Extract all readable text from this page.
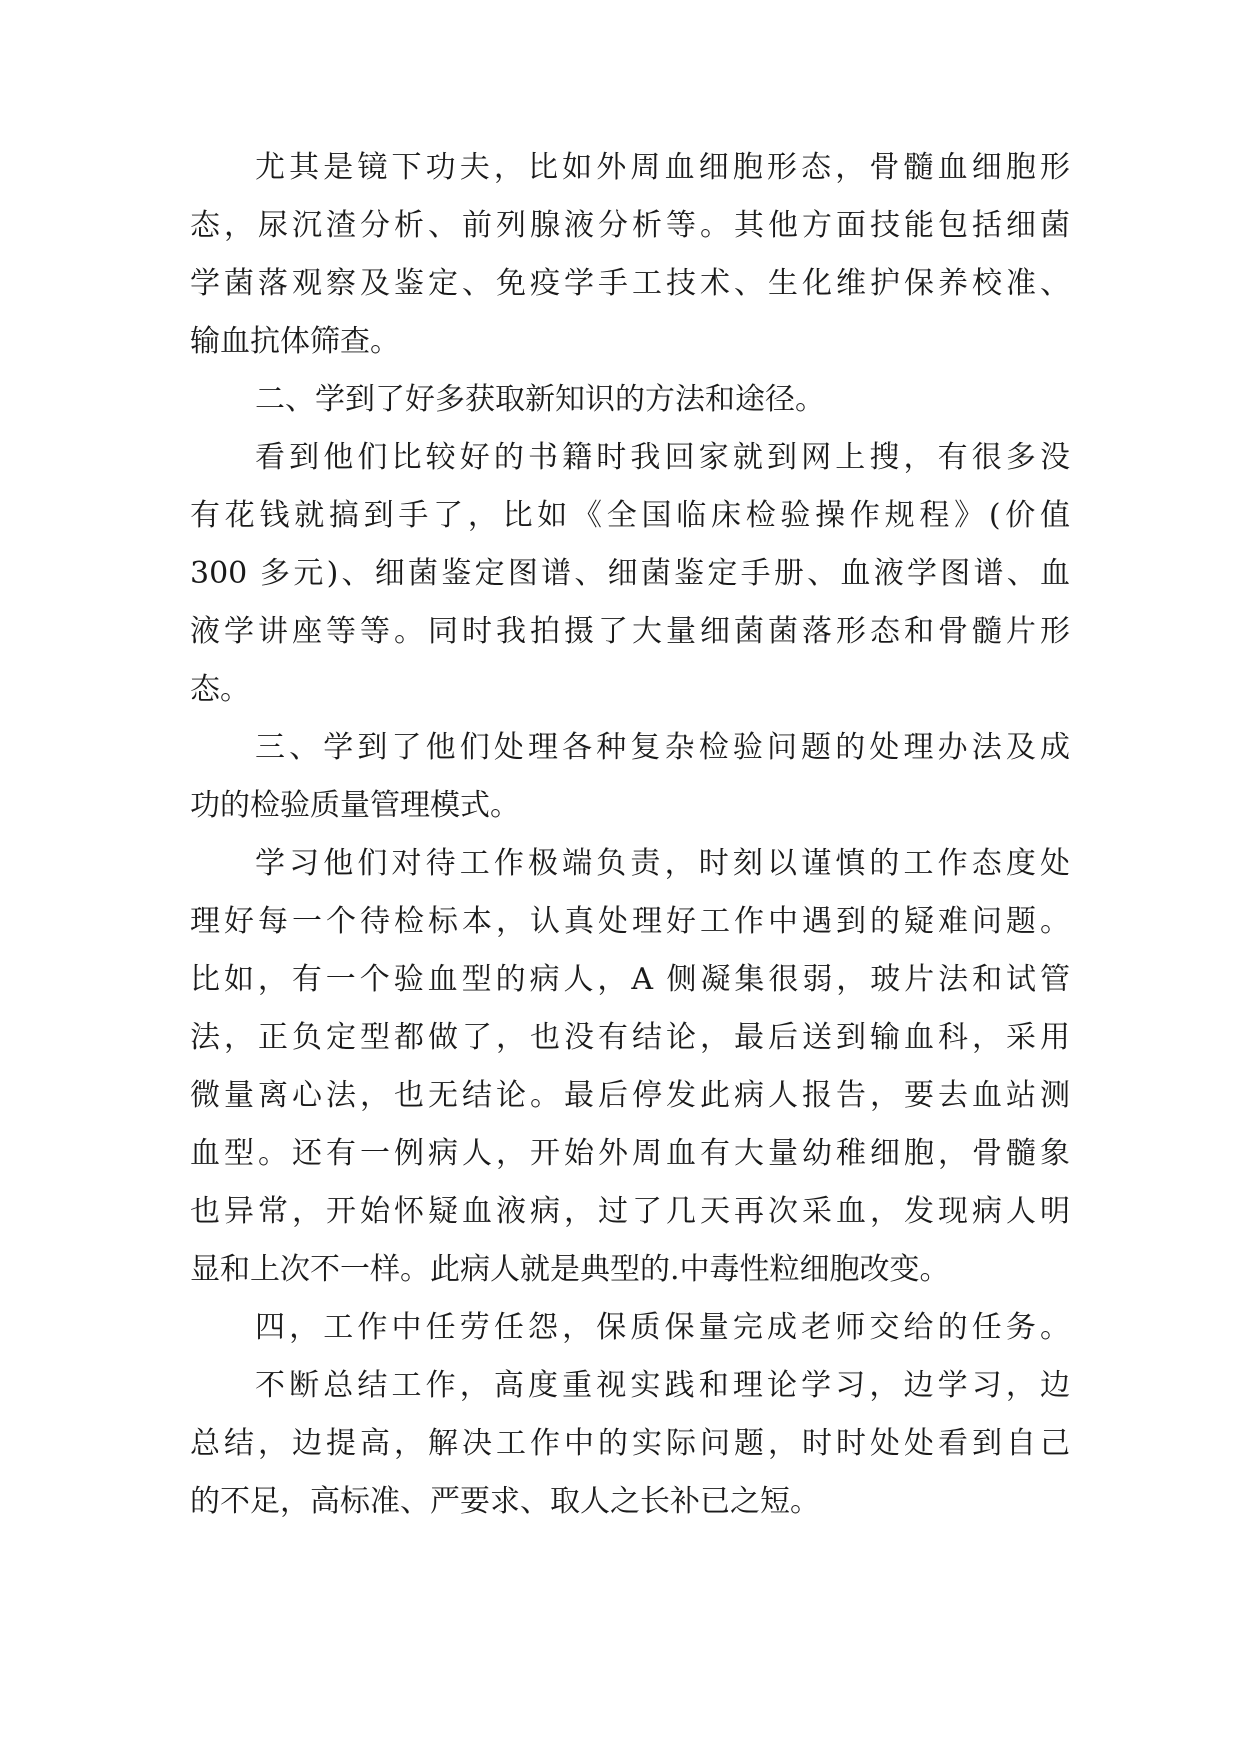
尤其是镜下功夫，比如外周血细胞形态，骨髓血细胞形

态，尿沉渣分析、前列腺液分析等。其他方面技能包括细菌

学菌落观察及鉴定、免疫学手工技术、生化维护保养校准、

输血抗体筛查。

二、学到了好多获取新知识的方法和途径。

看到他们比较好的书籍时我回家就到网上搜，有很多没

有花钱就搞到手了，比如《全国临床检验操作规程》(价值

300 多元)、细菌鉴定图谱、细菌鉴定手册、血液学图谱、血

液学讲座等等。同时我拍摄了大量细菌菌落形态和骨髓片形

态。

三、学到了他们处理各种复杂检验问题的处理办法及成

功的检验质量管理模式。

学习他们对待工作极端负责，时刻以谨慎的工作态度处

理好每一个待检标本，认真处理好工作中遇到的疑难问题。

比如，有一个验血型的病人，A 侧凝集很弱，玻片法和试管

法，正负定型都做了，也没有结论，最后送到输血科，采用

微量离心法，也无结论。最后停发此病人报告，要去血站测

血型。还有一例病人，开始外周血有大量幼稚细胞，骨髓象

也异常，开始怀疑血液病，过了几天再次采血，发现病人明

显和上次不一样。此病人就是典型的.中毒性粒细胞改变。

四，工作中任劳任怨，保质保量完成老师交给的任务。

不断总结工作，高度重视实践和理论学习，边学习，边

总结，边提高，解决工作中的实际问题，时时处处看到自己

的不足，高标准、严要求、取人之长补已之短。
